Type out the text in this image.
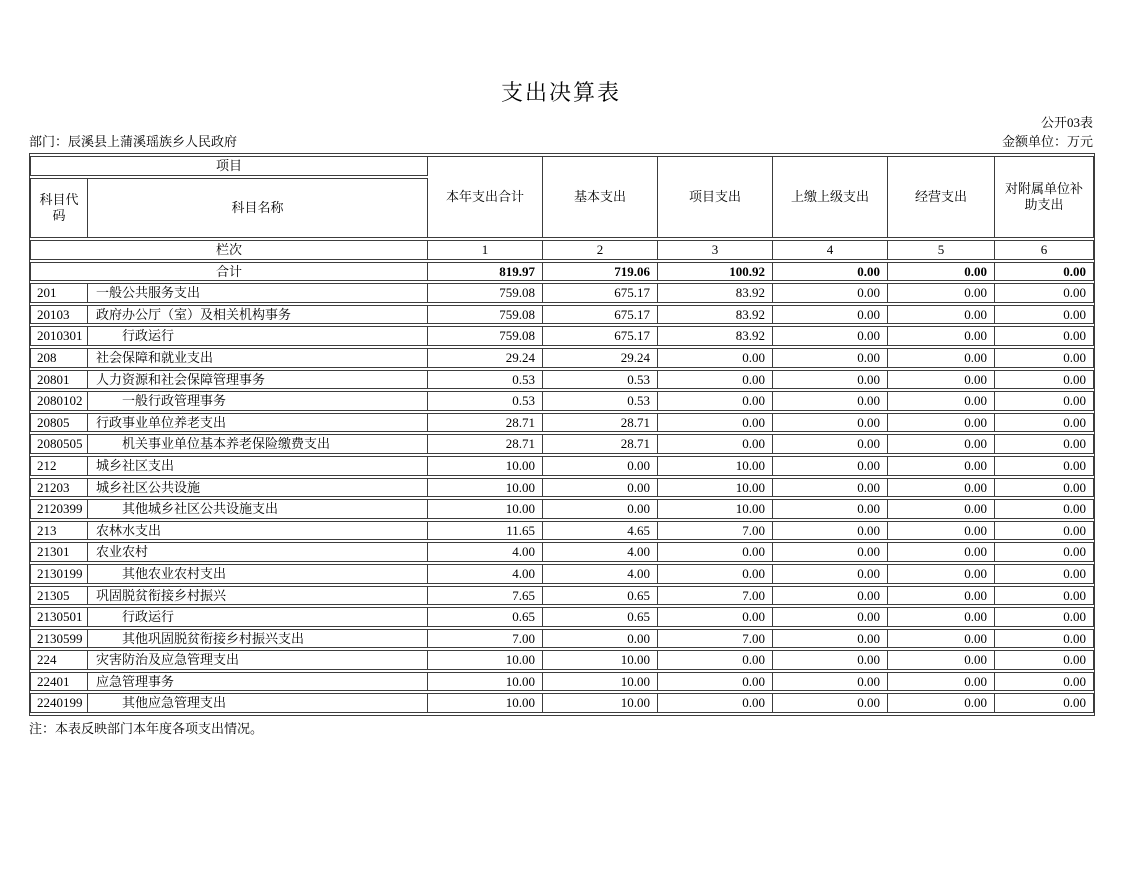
支出决算表
部门：辰溪县上蒲溪瑶族乡人民政府
公开03表
金额单位：万元
项目		本年支出合计	基本支出	项目支出	上缴上级支出	经营支出	对附属单位补助支出
科目代码	科目名称						
栏次		1	2	3	4	5	6
合计		819.97	719.06	100.92	0.00	0.00	0.00
201	一般公共服务支出	759.08	675.17	83.92	0.00	0.00	0.00
20103	政府办公厅（室）及相关机构事务	759.08	675.17	83.92	0.00	0.00	0.00
2010301	行政运行	759.08	675.17	83.92	0.00	0.00	0.00
208	社会保障和就业支出	29.24	29.24	0.00	0.00	0.00	0.00
20801	人力资源和社会保障管理事务	0.53	0.53	0.00	0.00	0.00	0.00
2080102	一般行政管理事务	0.53	0.53	0.00	0.00	0.00	0.00
20805	行政事业单位养老支出	28.71	28.71	0.00	0.00	0.00	0.00
2080505	机关事业单位基本养老保险缴费支出	28.71	28.71	0.00	0.00	0.00	0.00
212	城乡社区支出	10.00	0.00	10.00	0.00	0.00	0.00
21203	城乡社区公共设施	10.00	0.00	10.00	0.00	0.00	0.00
2120399	其他城乡社区公共设施支出	10.00	0.00	10.00	0.00	0.00	0.00
213	农林水支出	11.65	4.65	7.00	0.00	0.00	0.00
21301	农业农村	4.00	4.00	0.00	0.00	0.00	0.00
2130199	其他农业农村支出	4.00	4.00	0.00	0.00	0.00	0.00
21305	巩固脱贫衔接乡村振兴	7.65	0.65	7.00	0.00	0.00	0.00
2130501	行政运行	0.65	0.65	0.00	0.00	0.00	0.00
2130599	其他巩固脱贫衔接乡村振兴支出	7.00	0.00	7.00	0.00	0.00	0.00
224	灾害防治及应急管理支出	10.00	10.00	0.00	0.00	0.00	0.00
22401	应急管理事务	10.00	10.00	0.00	0.00	0.00	0.00
2240199	其他应急管理支出	10.00	10.00	0.00	0.00	0.00	0.00
注：本表反映部门本年度各项支出情况。
